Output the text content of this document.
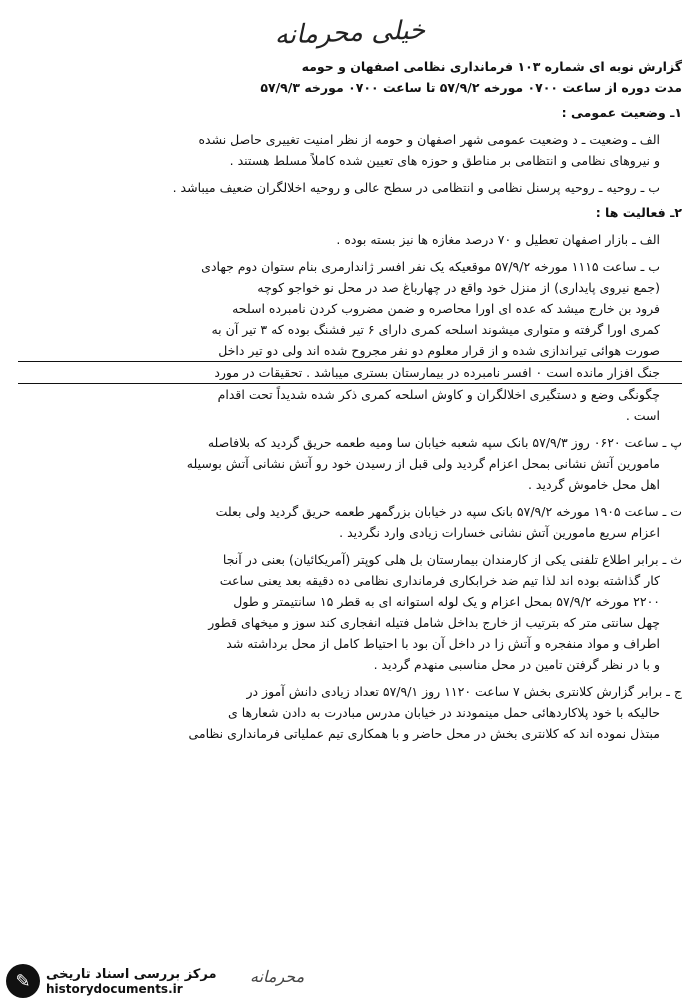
خیلی محرمانه
گزارش نوبه ای شماره ۱۰۳ فرمانداری نظامی اصفهان و حومه
مدت دوره از ساعت ۰۷۰۰ مورخه ۵۷/۹/۲ تا ساعت ۰۷۰۰ مورخه ۵۷/۹/۳
۱ـ وضعیت عمومی :
الف ـ وضعیت ـ د وضعیت عمومی شهر اصفهان و حومه از نظر امنیت تغییری حاصل نشده
و نیروهای نظامی و انتظامی بر مناطق و حوزه های تعیین شده کاملاً مسلط هستند .
ب ـ روحیه ـ روحیه پرسنل نظامی و انتظامی در سطح عالی و روحیه اخلالگران ضعیف میباشد .
۲ـ فعالیت ها :
الف ـ بازار اصفهان تعطیل و ۷۰ درصد مغازه ها نیز بسته بوده .
ب ـ ساعت ۱۱۱۵ مورخه ۵۷/۹/۲ موقعیکه یک نفر افسر ژاندارمری بنام ستوان دوم جهادی
(جمع نیروی پایداری) از منزل خود واقع در چهارباغ صد در محل نو خواجو کوچه
فرود بن خارج میشد که عده ای اورا محاصره و ضمن مضروب کردن نامبرده اسلحه
کمری اورا گرفته و متواری میشوند اسلحه کمری دارای ۶ تیر فشنگ بوده که ۳ تیر آن به
صورت هوائی تیراندازی شده و از قرار معلوم دو نفر مجروح شده اند ولی دو تیر داخل
جنگ افزار مانده است ۰ افسر نامبرده در بیمارستان بستری میباشد . تحقیقات در مورد
چگونگی وضع و دستگیری اخلالگران و کاوش اسلحه کمری ذکر شده شدیداً تحت اقدام
است .
پ ـ ساعت ۰۶۲۰ روز ۵۷/۹/۳ بانک سپه شعبه خیابان سا ومیه طعمه حریق گردید که بلافاصله
مامورین آتش نشانی بمحل اعزام گردید ولی قبل از رسیدن خود رو آتش نشانی آتش بوسیله
اهل محل خاموش گردید .
ت ـ ساعت ۱۹۰۵ مورخه ۵۷/۹/۲ بانک سپه در خیابان بزرگمهر طعمه حریق گردید ولی بعلت
اعزام سریع مامورین آتش نشانی خسارات زیادی وارد نگردید .
ث ـ برابر اطلاع تلفنی یکی از کارمندان بیمارستان بل هلی کوپتر (آمریکائیان) بعنی در آنجا
کار گذاشته بوده اند لذا تیم ضد خرابکاری فرمانداری نظامی ده دقیقه بعد یعنی ساعت
۲۲۰۰ مورخه ۵۷/۹/۲ بمحل اعزام و یک لوله استوانه ای به قطر ۱۵ سانتیمتر و طول
چهل سانتی متر که بترتیب از خارج بداخل شامل فتیله انفجاری کند سوز و میخهای قطور
اطراف و مواد منفجره و آتش زا در داخل آن بود با احتیاط کامل از محل برداشته شد
و با در نظر گرفتن تامین در محل مناسبی منهدم گردید .
ج ـ برابر گزارش کلانتری بخش ۷ ساعت ۱۱۲۰ روز ۵۷/۹/۱ تعداد زیادی دانش آموز در
حالیکه با خود پلاکاردهائی حمل مینمودند در خیابان مدرس مبادرت به دادن شعارها ی
مبتذل نموده اند که کلانتری بخش در محل حاضر و با همکاری تیم عملیاتی فرمانداری نظامی
محرمانه
✎	مرکز بررسی اسناد تاریخی
historydocuments.ir
